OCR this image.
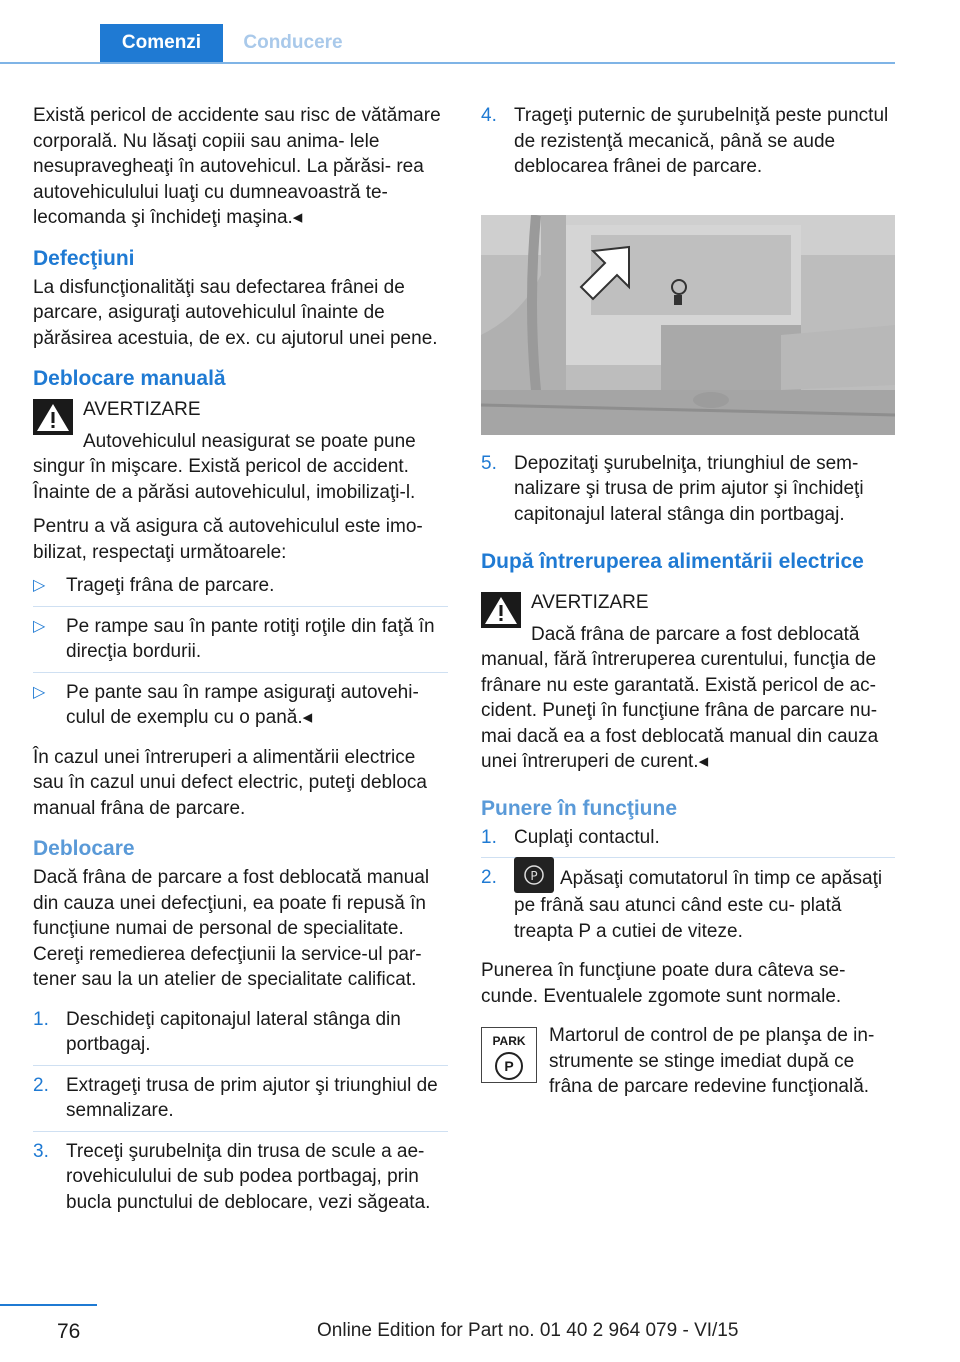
Comenzi	Conducere

Există pericol de accidente sau risc de vătămare corporală. Nu lăsaţi copiii sau anima- lele nesupravegheaţi în autovehicul. La părăsi- rea autovehiculului luaţi cu dumneavoastră te- lecomanda şi închideţi maşina.◂

Defecţiuni

La disfuncţionalităţi sau defectarea frânei de parcare, asiguraţi autovehiculul înainte de părăsirea acestuia, de ex. cu ajutorul unei pene.

Deblocare manuală
AVERTIZARE
Autovehiculul neasigurat se poate pune singur în mişcare. Există pericol de accident. Înainte de a părăsi autovehiculul, imobilizaţi-l.

Pentru a vă asigura că autovehiculul este imo- bilizat, respectaţi următoarele:

▷ Trageţi frâna de parcare.
▷ Pe rampe sau în pante rotiţi roţile din faţă în direcţia bordurii.
▷ Pe pante sau în rampe asiguraţi autovehi- culul de exemplu cu o pană.◂

În cazul unei întreruperi a alimentării electrice sau în cazul unui defect electric, puteţi debloca manual frâna de parcare.

Deblocare

Dacă frâna de parcare a fost deblocată manual din cauza unei defecţiuni, ea poate fi repusă în funcţiune numai de personal de specialitate. Cereţi remedierea defecţiunii la service-ul par- tener sau la un atelier de specialitate calificat.

1. Deschideţi capitonajul lateral stânga din portbagaj.
2. Extrageţi trusa de prim ajutor şi triunghiul de semnalizare.
3. Treceţi şurubelniţa din trusa de scule a ae- rovehiculului de sub podea portbagaj, prin bucla punctului de deblocare, vezi săgeata.
4. Trageţi puternic de şurubelniţă peste punctul de rezistenţă mecanică, până se aude deblocarea frânei de parcare.
5. Depozitaţi şurubelniţa, triunghiul de sem- nalizare şi trusa de prim ajutor şi închideţi capitonajul lateral stânga din portbagaj.
După întreruperea alimentării electrice
AVERTIZARE
Dacă frâna de parcare a fost deblocată manual, fără întreruperea curentului, funcţia de frânare nu este garantată. Există pericol de ac- cident. Puneţi în funcţiune frâna de parcare nu- mai dacă ea a fost deblocată manual din cauza unei întreruperi de curent.◂
Punere în funcţiune
1. Cuplaţi contactul.
2.	P Apăsaţi comutatorul în timp ce apăsaţi pe frână sau atunci când este cu- plată treapta P a cutiei de viteze.

Punerea în funcţiune poate dura câteva se- cunde. Eventualele zgomote sunt normale.

PARK
P

Martorul de control de pe planşa de in- strumente se stinge imediat după ce frâna de parcare redevine funcţională.

76	Online Edition for Part no. 01 40 2 964 079 - VI/15
